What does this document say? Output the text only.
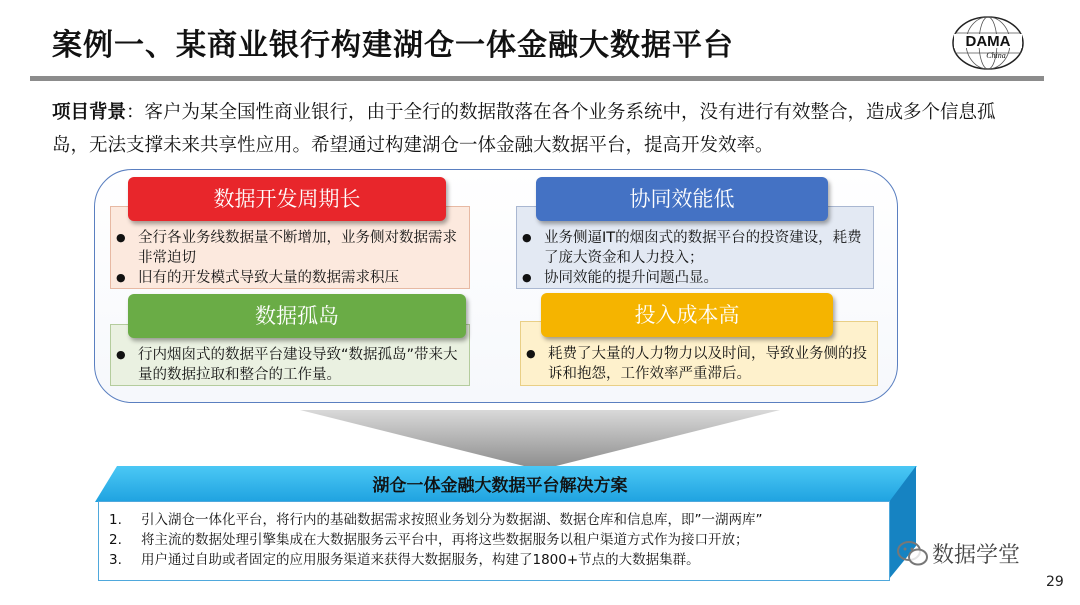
案例一、某商业银行构建湖仓一体金融大数据平台	DAMA
China
项目背景：客户为某全国性商业银行，由于全行的数据散落在各个业务系统中，没有进行有效整合，造成多个信息孤岛，无法支撑未来共享性应用。希望通过构建湖仓一体金融大数据平台，提高开发效率。
● 全行各业务线数据量不断增加，业务侧对数据需求非常迫切
● 旧有的开发模式导致大量的数据需求积压
数据开发周期长
● 业务侧逼IT的烟囱式的数据平台的投资建设，耗费了庞大资金和人力投入；
● 协同效能的提升问题凸显。
协同效能低
● 行内烟囱式的数据平台建设导致“数据孤岛”带来大量的数据拉取和整合的工作量。
数据孤岛
● 耗费了大量的人力物力以及时间，导致业务侧的投诉和抱怨，工作效率严重滞后。
投入成本高
湖仓一体金融大数据平台解决方案
1. 引入湖仓一体化平台，将行内的基础数据需求按照业务划分为数据湖、数据仓库和信息库，即”一湖两库”
2. 将主流的数据处理引擎集成在大数据服务云平台中，再将这些数据服务以租户渠道方式作为接口开放；
3. 用户通过自助或者固定的应用服务渠道来获得大数据服务，构建了1800+节点的大数据集群。	数据学堂
29
